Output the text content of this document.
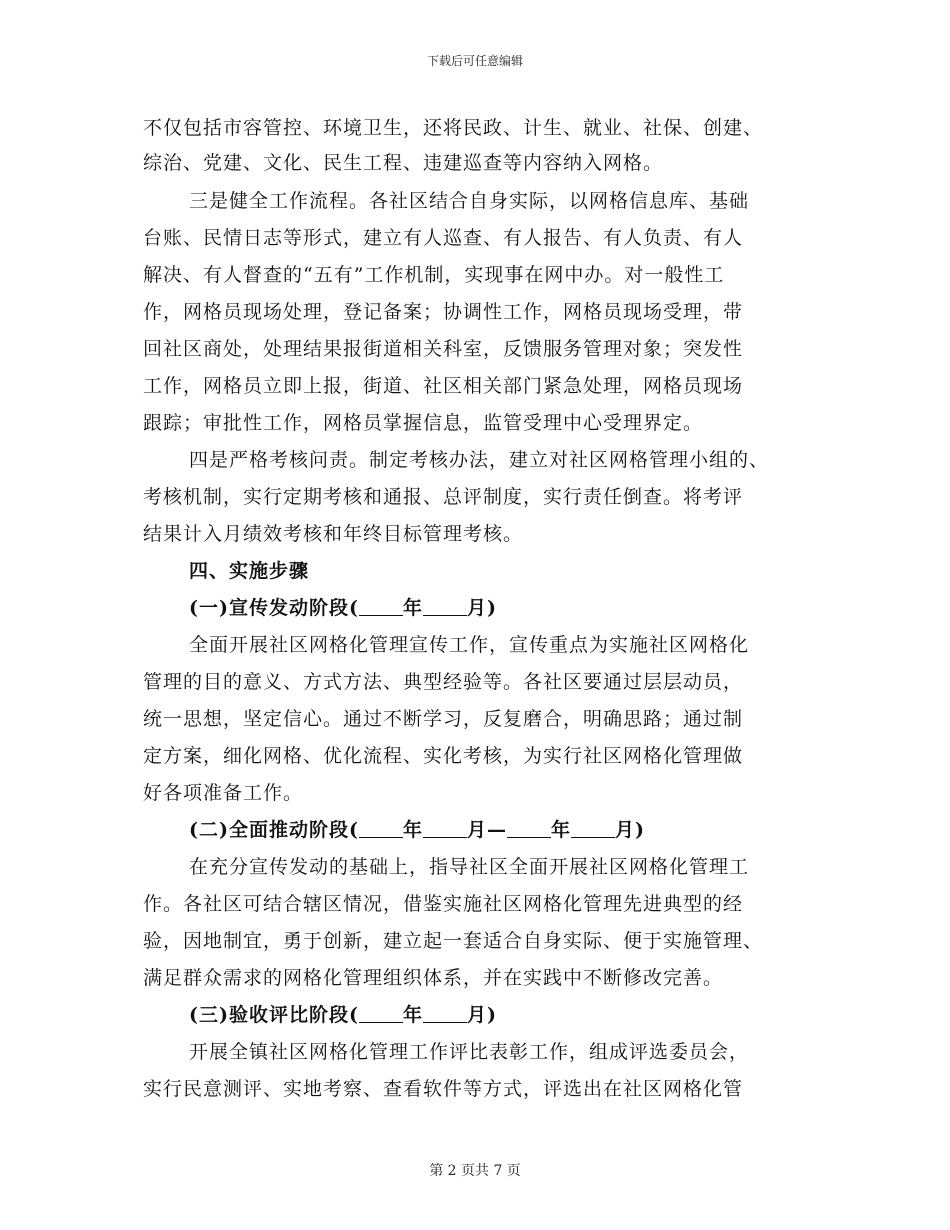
下载后可任意编辑
不仅包括市容管控、环境卫生，还将民政、计生、就业、社保、创建、
综治、党建、文化、民生工程、违建巡查等内容纳入网格。
三是健全工作流程。各社区结合自身实际，以网格信息库、基础
台账、民情日志等形式，建立有人巡查、有人报告、有人负责、有人
解决、有人督查的“五有”工作机制，实现事在网中办。对一般性工
作，网格员现场处理，登记备案；协调性工作，网格员现场受理，带
回社区商处，处理结果报街道相关科室，反馈服务管理对象；突发性
工作，网格员立即上报，街道、社区相关部门紧急处理，网格员现场
跟踪；审批性工作，网格员掌握信息，监管受理中心受理界定。
四是严格考核问责。制定考核办法，建立对社区网格管理小组的、
考核机制，实行定期考核和通报、总评制度，实行责任倒查。将考评
结果计入月绩效考核和年终目标管理考核。
四、实施步骤
(一)宣传发动阶段( 年 月)
全面开展社区网格化管理宣传工作，宣传重点为实施社区网格化
管理的目的意义、方式方法、典型经验等。各社区要通过层层动员，
统一思想，坚定信心。通过不断学习，反复磨合，明确思路；通过制
定方案，细化网格、优化流程、实化考核，为实行社区网格化管理做
好各项准备工作。
(二)全面推动阶段( 年 月— 年 月)
在充分宣传发动的基础上，指导社区全面开展社区网格化管理工
作。各社区可结合辖区情况，借鉴实施社区网格化管理先进典型的经
验，因地制宜，勇于创新，建立起一套适合自身实际、便于实施管理、
满足群众需求的网格化管理组织体系，并在实践中不断修改完善。
(三)验收评比阶段( 年 月)
开展全镇社区网格化管理工作评比表彰工作，组成评选委员会，
实行民意测评、实地考察、查看软件等方式，评选出在社区网格化管
第 2 页共 7 页
